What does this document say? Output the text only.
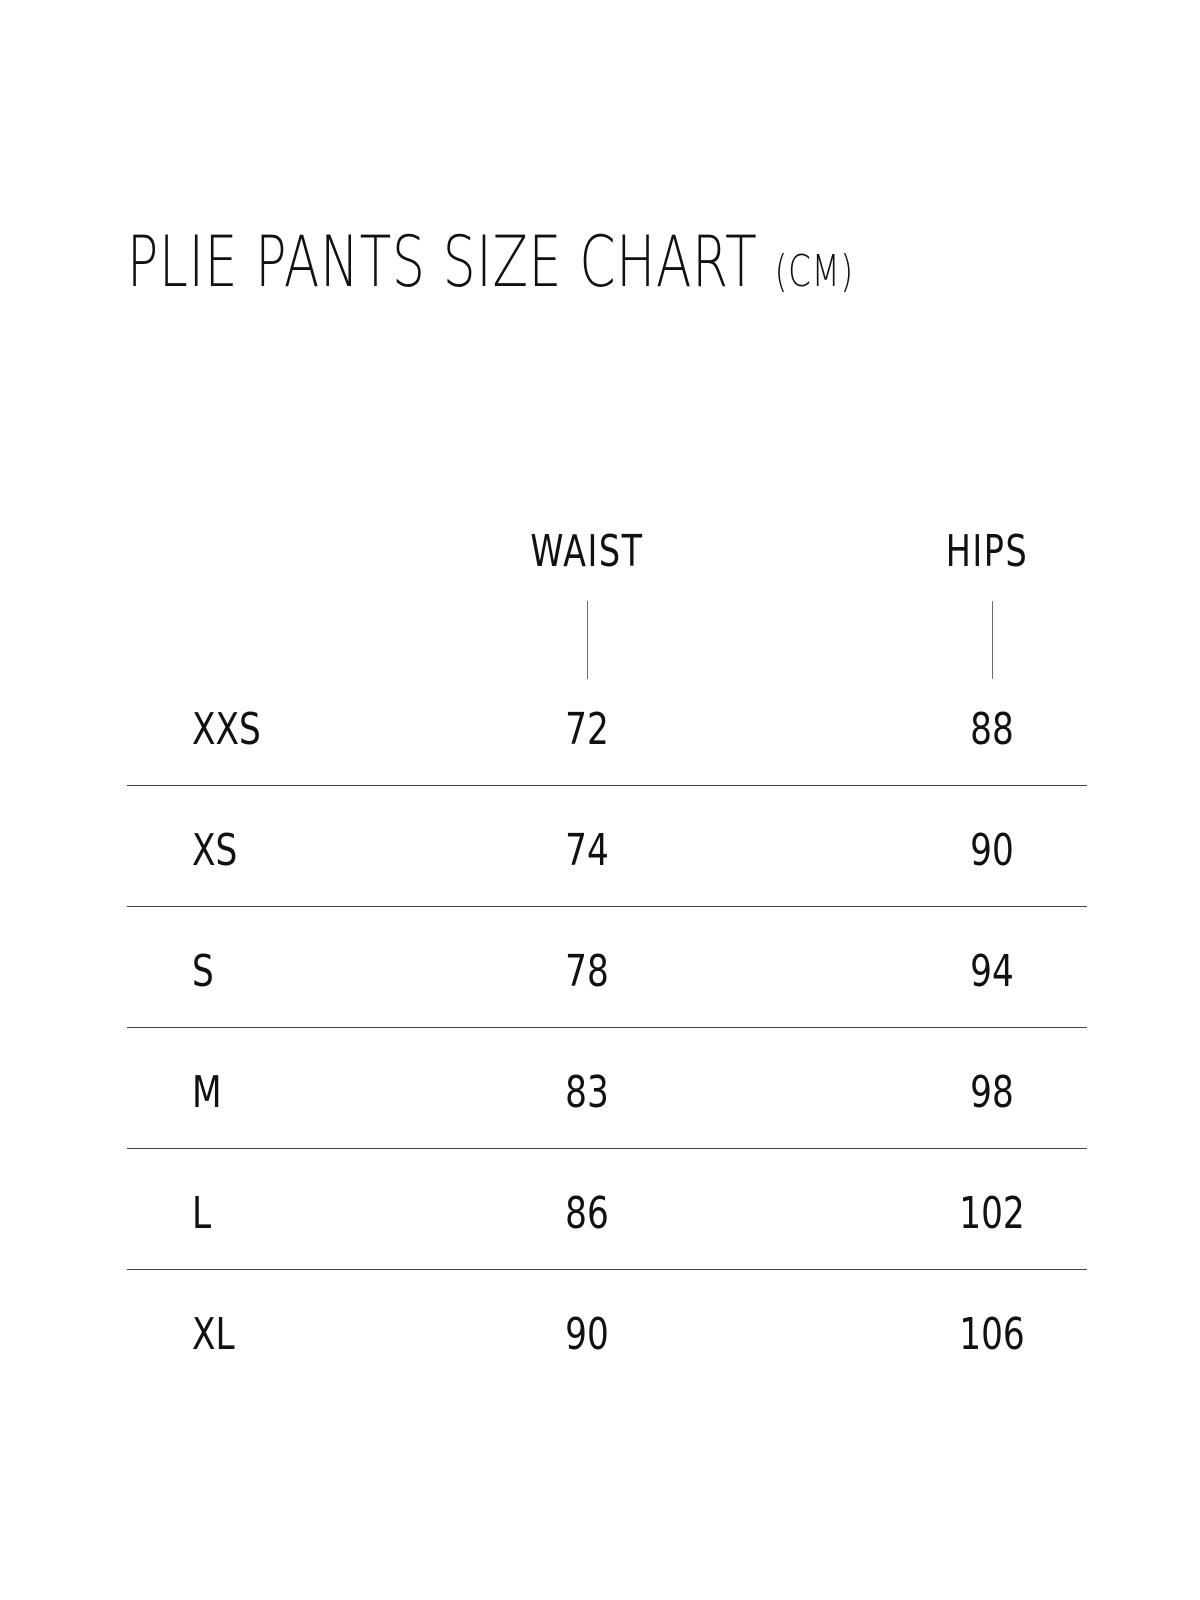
PLIE PANTS SIZE CHART (CM)
WAIST	HIPS
XXS	72	88
XS	74	90
S	78	94
M	83	98
L	86	102
XL	90	106
